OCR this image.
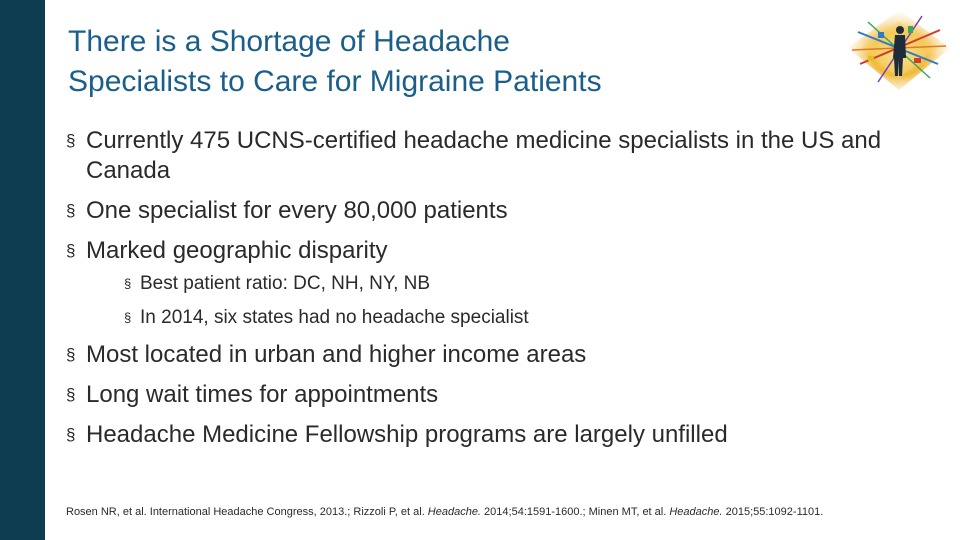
There is a Shortage of Headache
Specialists to Care for Migraine Patients
§ Currently 475 UCNS-certified headache medicine specialists in the US and Canada
§ One specialist for every 80,000 patients
§ Marked geographic disparity
§ Best patient ratio: DC, NH, NY, NB
§ In 2014, six states had no headache specialist
§ Most located in urban and higher income areas
§ Long wait times for appointments
§ Headache Medicine Fellowship programs are largely unfilled
Rosen NR, et al. International Headache Congress, 2013.; Rizzoli P, et al. Headache. 2014;54:1591-1600.; Minen MT, et al. Headache. 2015;55:1092-1101.
